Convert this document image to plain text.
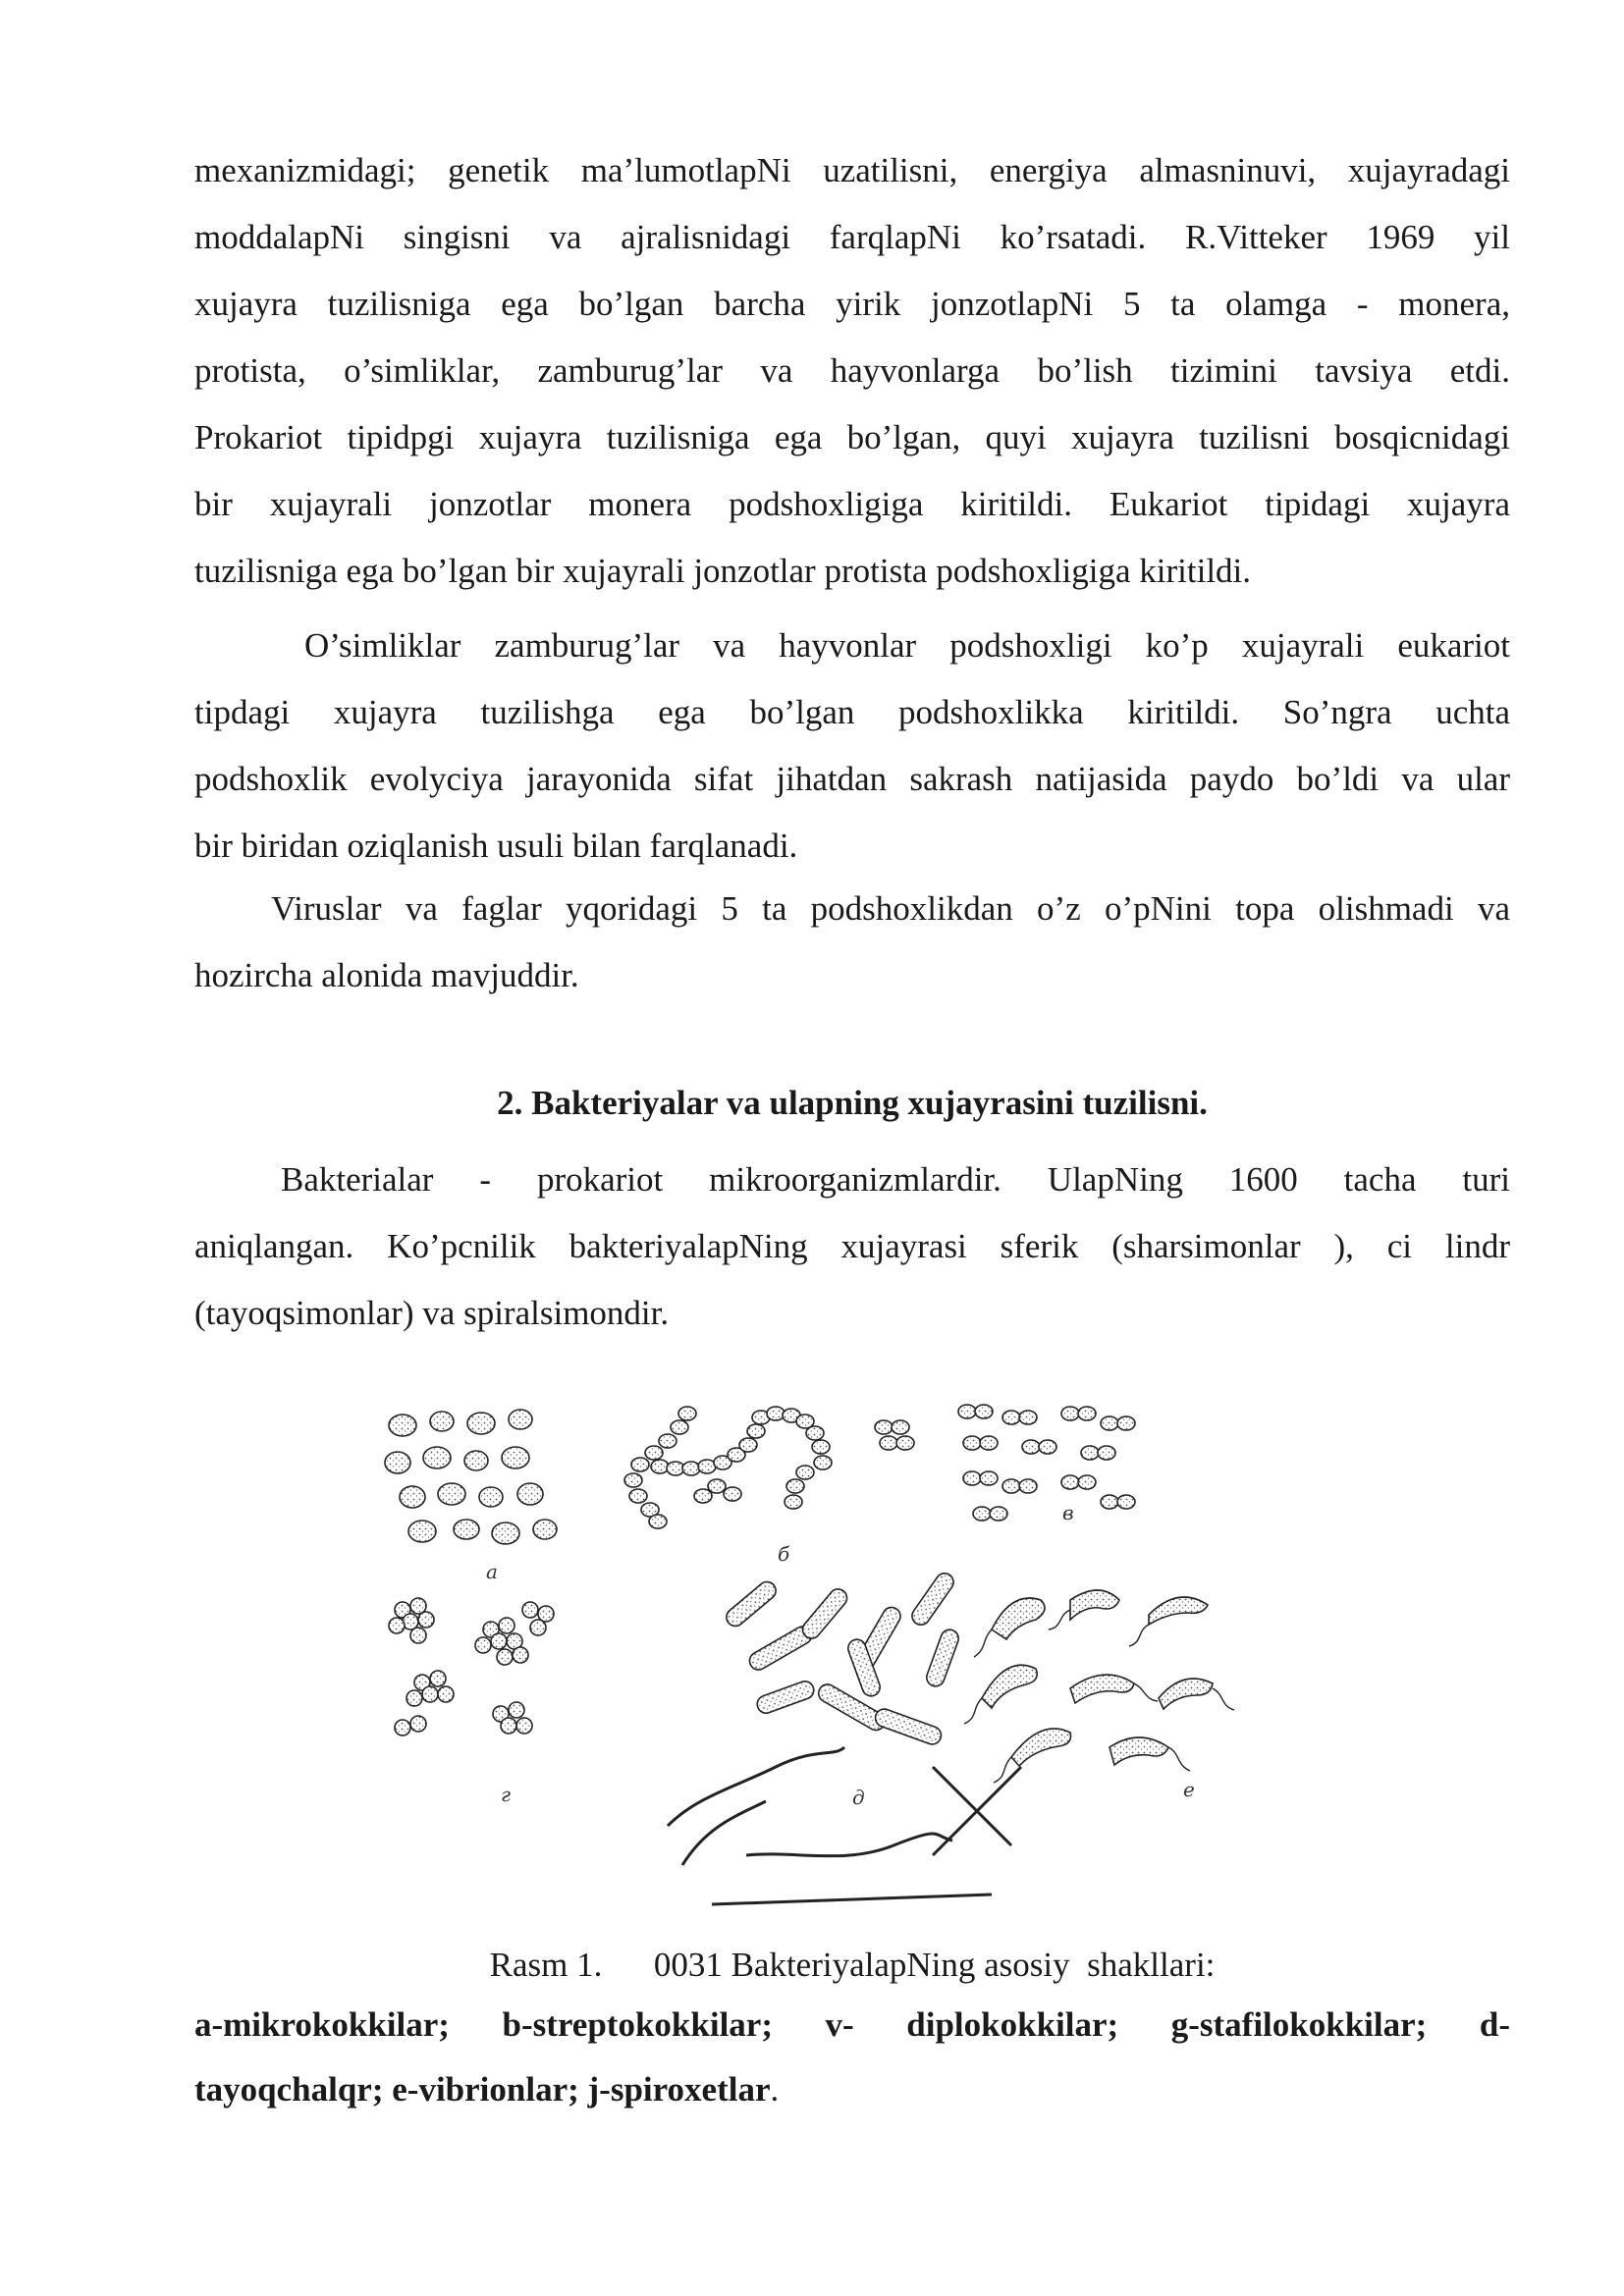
mexanizmidagi; genetik ma’lumotlapNi uzatilisni, energiya almasninuvi, xujayradagi
moddalapNi singisni va ajralisnidagi farqlapNi ko’rsatadi. R.Vitteker 1969 yil
xujayra tuzilisniga ega bo’lgan barcha yirik jonzotlapNi 5 ta olamga - monera,
protista, o’simliklar, zamburug’lar va hayvonlarga bo’lish tizimini tavsiya etdi.
Prokariot tipidpgi xujayra tuzilisniga ega bo’lgan, quyi xujayra tuzilisni bosqicnidagi
bir xujayrali jonzotlar monera podshoxligiga kiritildi. Eukariot tipidagi xujayra
tuzilisniga ega bo’lgan bir xujayrali jonzotlar protista podshoxligiga kiritildi.
O’simliklar zamburug’lar va hayvonlar podshoxligi ko’p xujayrali eukariot
tipdagi xujayra tuzilishga ega bo’lgan podshoxlikka kiritildi. So’ngra uchta
podshoxlik evolyciya jarayonida sifat jihatdan sakrash natijasida paydo bo’ldi va ular
bir biridan oziqlanish usuli bilan farqlanadi.
Viruslar va faglar yqoridagi 5 ta podshoxlikdan o’z o’pNini topa olishmadi va
hozircha alonida mavjuddir.
2. Bakteriyalar va ulapning xujayrasini tuzilisni.
Bakterialar - prokariot mikroorganizmlardir. UlapNing 1600 tacha turi
aniqlangan. Ko’pcnilik bakteriyalapNing xujayrasi sferik (sharsimonlar ), ci lindr
(tayoqsimonlar) va spiralsimondir.
a
б
в
г	д	е
Rasm 1.      0031 BakteriyalapNing asosiy  shakllari:
a-mikrokokkilar; b-streptokokkilar; v- diplokokkilar; g-stafilokokkilar; d-
tayoqchalqr; e-vibrionlar; j-spiroxetlar.
